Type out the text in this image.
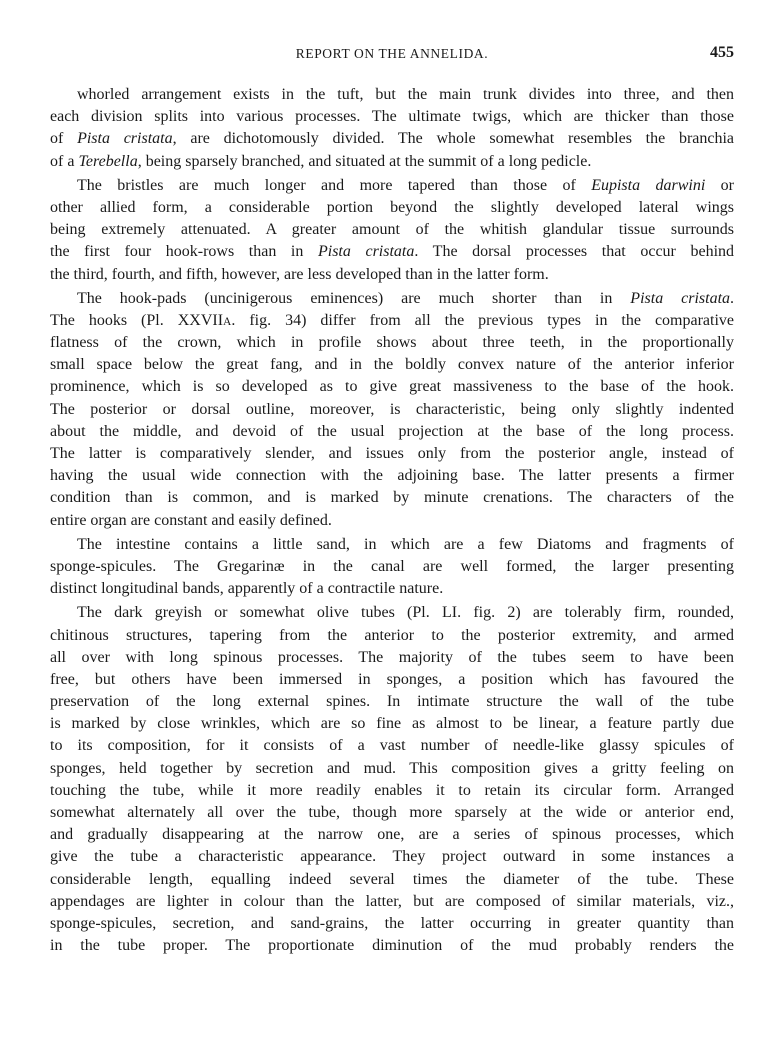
REPORT ON THE ANNELIDA.	455
whorled arrangement exists in the tuft, but the main trunk divides into three, and then
each division splits into various processes. The ultimate twigs, which are thicker than those
of Pista cristata, are dichotomously divided. The whole somewhat resembles the branchia
of a Terebella, being sparsely branched, and situated at the summit of a long pedicle.
The bristles are much longer and more tapered than those of Eupista darwini or
other allied form, a considerable portion beyond the slightly developed lateral wings
being extremely attenuated. A greater amount of the whitish glandular tissue surrounds
the first four hook-rows than in Pista cristata. The dorsal processes that occur behind
the third, fourth, and fifth, however, are less developed than in the latter form.
The hook-pads (uncinigerous eminences) are much shorter than in Pista cristata.
The hooks (Pl. XXVIIA. fig. 34) differ from all the previous types in the comparative
flatness of the crown, which in profile shows about three teeth, in the proportionally
small space below the great fang, and in the boldly convex nature of the anterior inferior
prominence, which is so developed as to give great massiveness to the base of the hook.
The posterior or dorsal outline, moreover, is characteristic, being only slightly indented
about the middle, and devoid of the usual projection at the base of the long process.
The latter is comparatively slender, and issues only from the posterior angle, instead of
having the usual wide connection with the adjoining base. The latter presents a firmer
condition than is common, and is marked by minute crenations. The characters of the
entire organ are constant and easily defined.
The intestine contains a little sand, in which are a few Diatoms and fragments of
sponge-spicules. The Gregarinæ in the canal are well formed, the larger presenting
distinct longitudinal bands, apparently of a contractile nature.
The dark greyish or somewhat olive tubes (Pl. LI. fig. 2) are tolerably firm, rounded,
chitinous structures, tapering from the anterior to the posterior extremity, and armed
all over with long spinous processes. The majority of the tubes seem to have been
free, but others have been immersed in sponges, a position which has favoured the
preservation of the long external spines. In intimate structure the wall of the tube
is marked by close wrinkles, which are so fine as almost to be linear, a feature partly due
to its composition, for it consists of a vast number of needle-like glassy spicules of
sponges, held together by secretion and mud. This composition gives a gritty feeling on
touching the tube, while it more readily enables it to retain its circular form. Arranged
somewhat alternately all over the tube, though more sparsely at the wide or anterior end,
and gradually disappearing at the narrow one, are a series of spinous processes, which
give the tube a characteristic appearance. They project outward in some instances a
considerable length, equalling indeed several times the diameter of the tube. These
appendages are lighter in colour than the latter, but are composed of similar materials, viz.,
sponge-spicules, secretion, and sand-grains, the latter occurring in greater quantity than
in the tube proper. The proportionate diminution of the mud probably renders the
